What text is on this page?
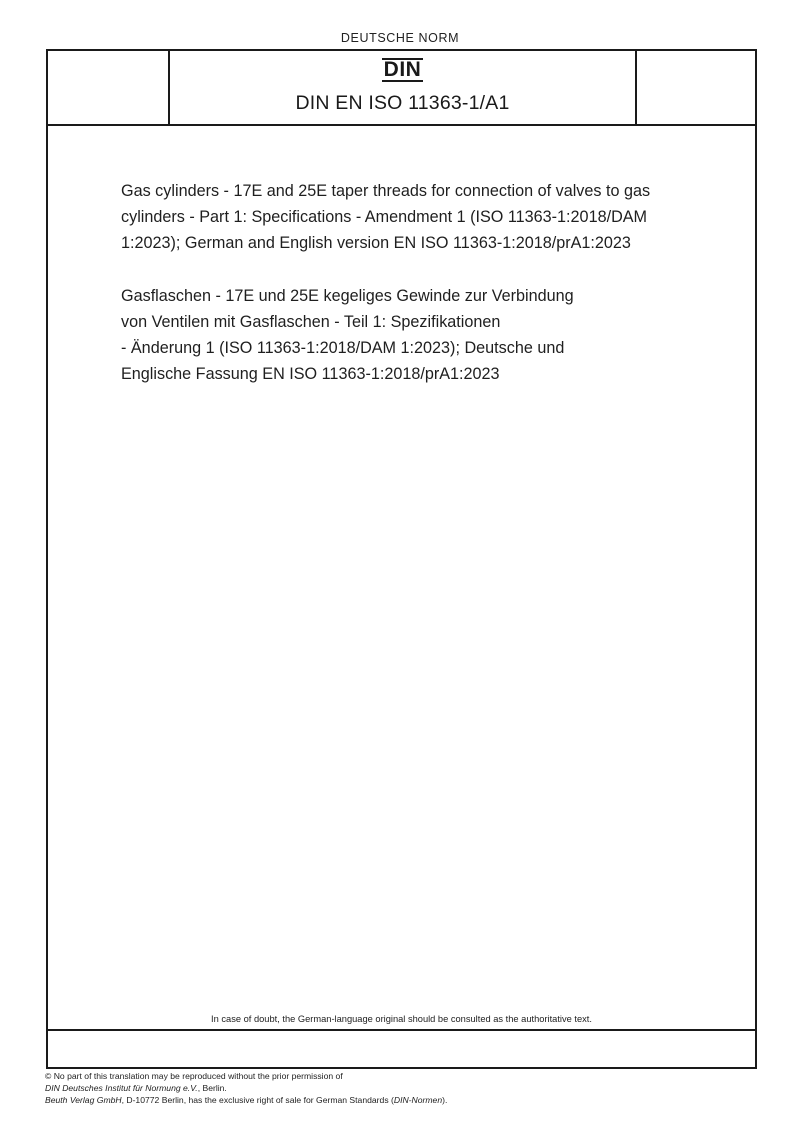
DEUTSCHE NORM
DIN
DIN EN ISO 11363-1/A1
Gas cylinders - 17E and 25E taper threads for connection of valves to gas
cylinders - Part 1: Specifications - Amendment 1 (ISO 11363-1:2018/DAM
1:2023); German and English version EN ISO 11363-1:2018/prA1:2023
Gasflaschen - 17E und 25E kegeliges Gewinde zur Verbindung
von Ventilen mit Gasflaschen - Teil 1: Spezifikationen
- Änderung 1 (ISO 11363-1:2018/DAM 1:2023); Deutsche und
Englische Fassung EN ISO 11363-1:2018/prA1:2023
In case of doubt, the German-language original should be consulted as the authoritative text.
© No part of this translation may be reproduced without the prior permission of
DIN Deutsches Institut für Normung e.V., Berlin.
Beuth Verlag GmbH, D-10772 Berlin, has the exclusive right of sale for German Standards (DIN-Normen).
